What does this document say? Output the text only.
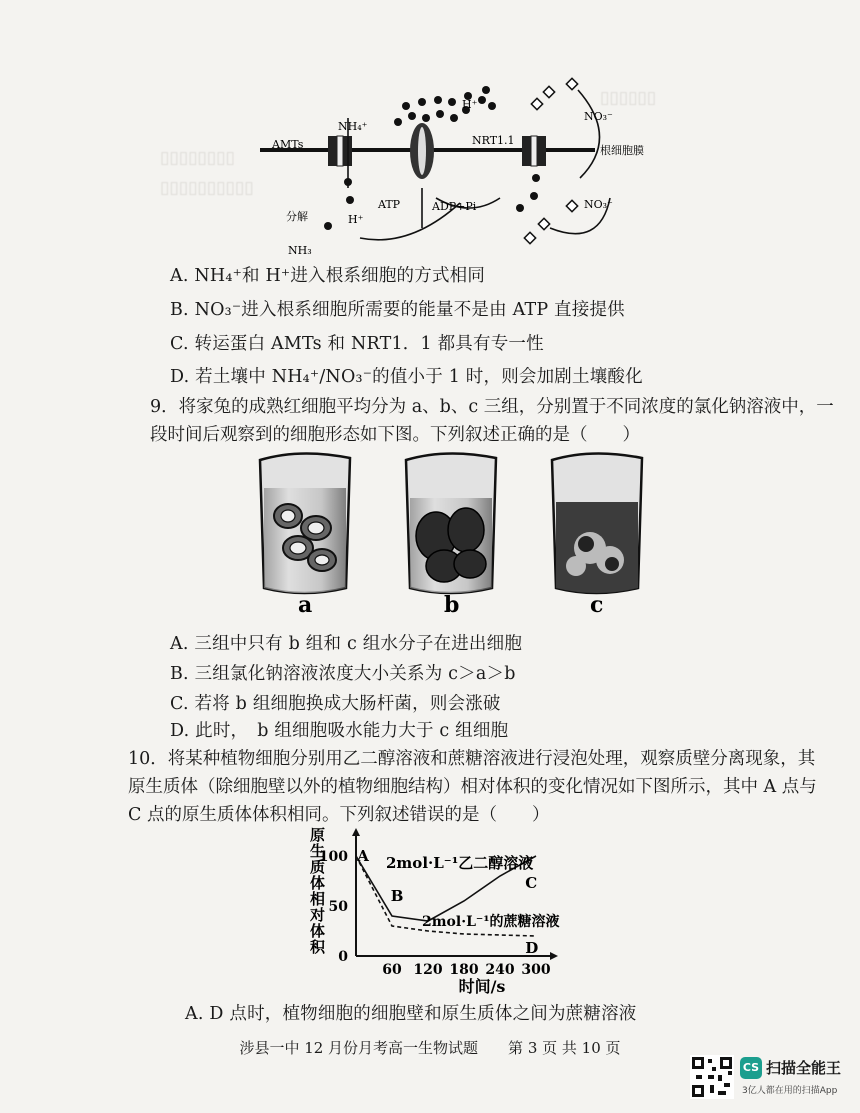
▯▯▯▯▯▯
▯▯▯▯▯▯▯▯
▯▯▯▯▯▯▯▯▯▯
NH₄⁺
AMTs
H⁺
NRT1.1
NO₃⁻
根细胞膜
ATP	ADP+Pi
分解	H⁺
NH₃
NO₃⁻
A. NH₄⁺和 H⁺进入根系细胞的方式相同
B. NO₃⁻进入根系细胞所需要的能量不是由 ATP 直接提供
C. 转运蛋白 AMTs 和 NRT1．1 都具有专一性
D. 若土壤中 NH₄⁺/NO₃⁻的值小于 1 时，则会加剧土壤酸化
9．将家兔的成熟红细胞平均分为 a、b、c 三组，分别置于不同浓度的氯化钠溶液中，一
段时间后观察到的细胞形态如下图。下列叙述正确的是（　　）
a	b	c
A. 三组中只有 b 组和 c 组水分子在进出细胞
B. 三组氯化钠溶液浓度大小关系为 c＞a＞b
C. 若将 b 组细胞换成大肠杆菌，则会涨破
D. 此时，　b 组细胞吸水能力大于 c 组细胞
10．将某种植物细胞分别用乙二醇溶液和蔗糖溶液进行浸泡处理，观察质壁分离现象，其
原生质体（除细胞壁以外的植物细胞结构）相对体积的变化情况如下图所示，其中 A 点与
C 点的原生质体体积相同。下列叙述错误的是（　　）
原
生
质
体
相
对
体
积
0
50
100
60 120 180 240 300
时间/s
2mol·L⁻¹乙二醇溶液
2mol·L⁻¹的蔗糖溶液
A
B
C
D
A. D 点时，植物细胞的细胞壁和原生质体之间为蔗糖溶液
涉县一中 12 月份月考高一生物试题　　第 3 页 共 10 页
CS 扫描全能王
3亿人都在用的扫描App
